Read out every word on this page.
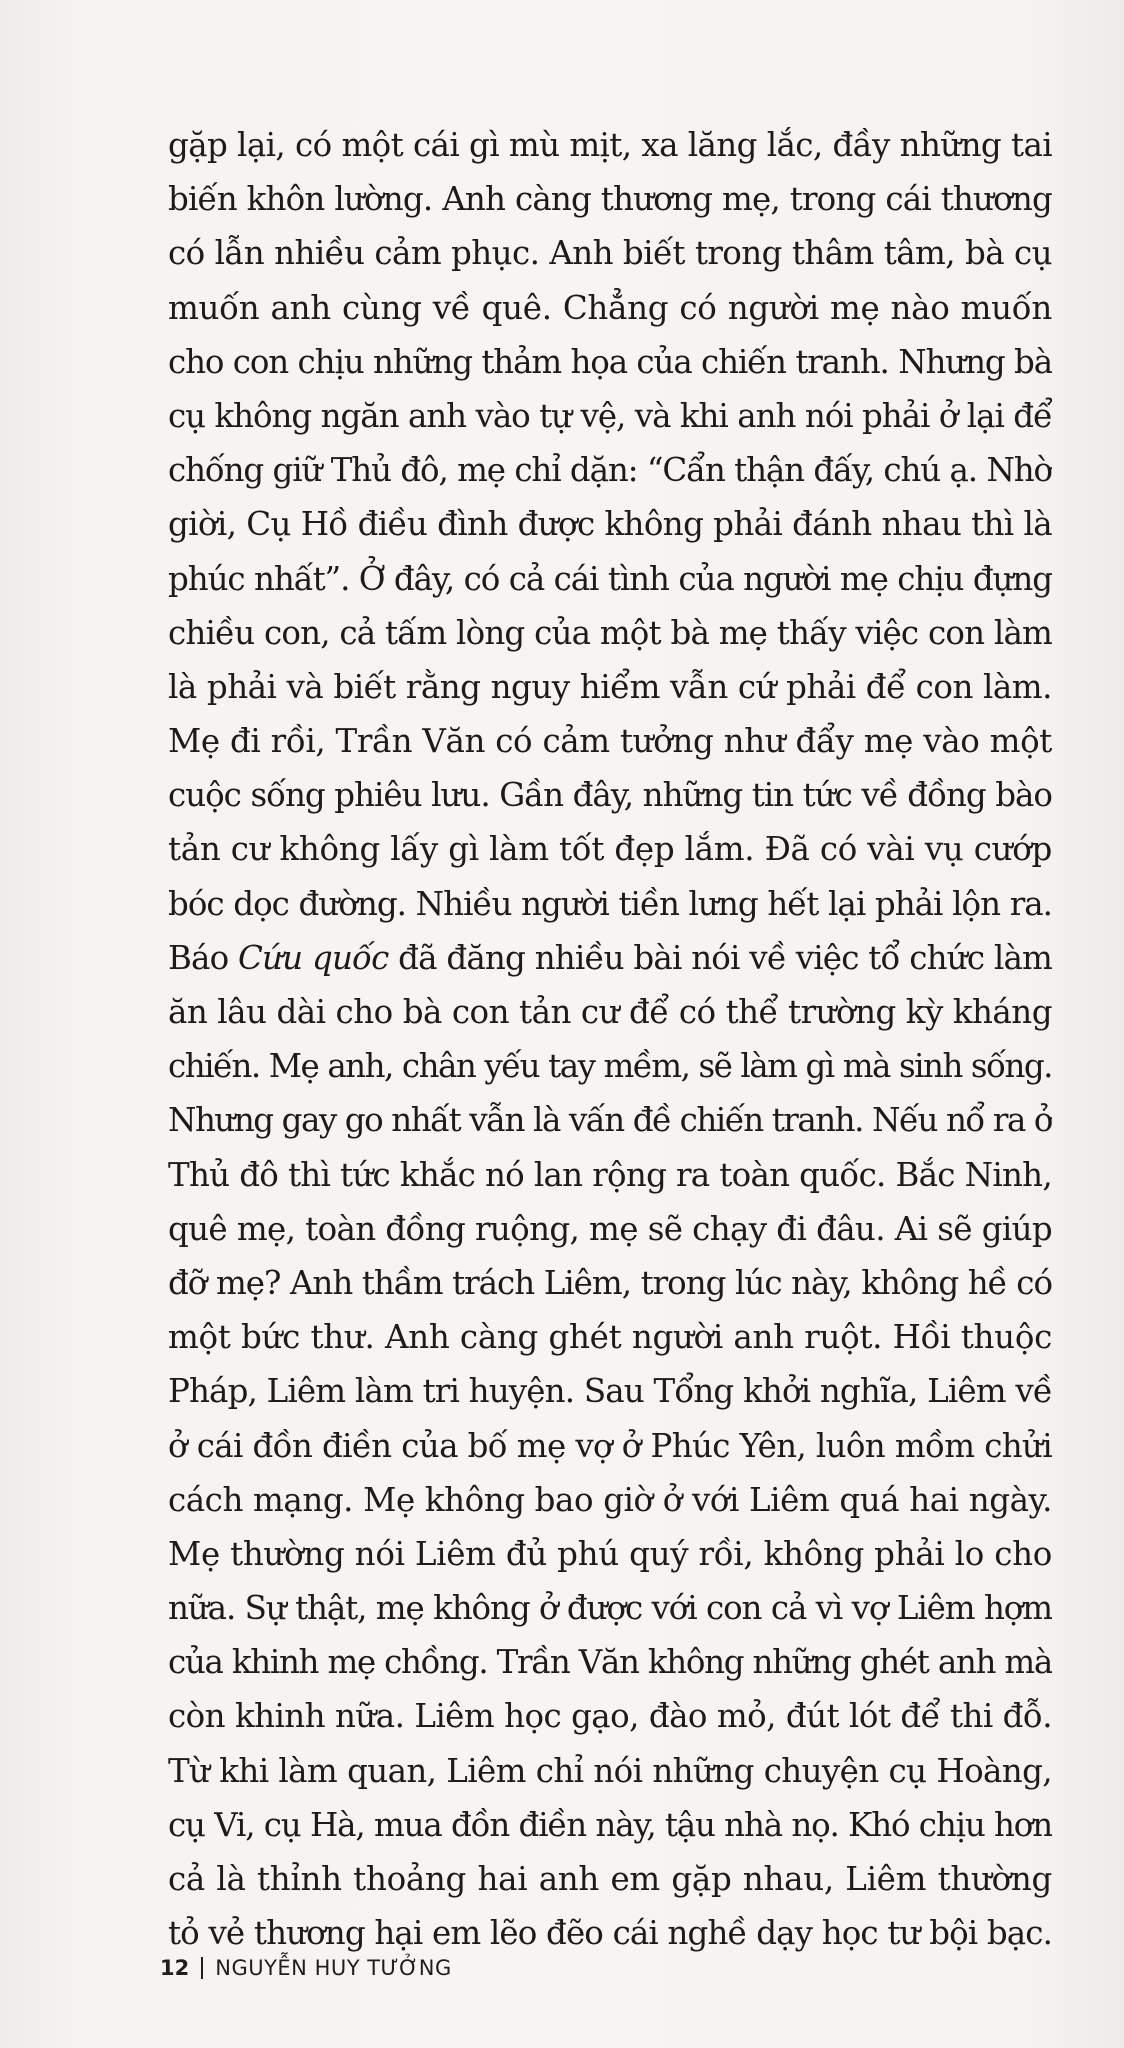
gặp lại, có một cái gì mù mịt, xa lăng lắc, đầy những tai
biến khôn lường. Anh càng thương mẹ, trong cái thương
có lẫn nhiều cảm phục. Anh biết trong thâm tâm, bà cụ
muốn anh cùng về quê. Chẳng có người mẹ nào muốn
cho con chịu những thảm họa của chiến tranh. Nhưng bà
cụ không ngăn anh vào tự vệ, và khi anh nói phải ở lại để
chống giữ Thủ đô, mẹ chỉ dặn: “Cẩn thận đấy, chú ạ. Nhờ
giời, Cụ Hồ điều đình được không phải đánh nhau thì là
phúc nhất”. Ở đây, có cả cái tình của người mẹ chịu đựng
chiều con, cả tấm lòng của một bà mẹ thấy việc con làm
là phải và biết rằng nguy hiểm vẫn cứ phải để con làm.
Mẹ đi rồi, Trần Văn có cảm tưởng như đẩy mẹ vào một
cuộc sống phiêu lưu. Gần đây, những tin tức về đồng bào
tản cư không lấy gì làm tốt đẹp lắm. Đã có vài vụ cướp
bóc dọc đường. Nhiều người tiền lưng hết lại phải lộn ra.
Báo Cứu quốc đã đăng nhiều bài nói về việc tổ chức làm
ăn lâu dài cho bà con tản cư để có thể trường kỳ kháng
chiến. Mẹ anh, chân yếu tay mềm, sẽ làm gì mà sinh sống.
Nhưng gay go nhất vẫn là vấn đề chiến tranh. Nếu nổ ra ở
Thủ đô thì tức khắc nó lan rộng ra toàn quốc. Bắc Ninh,
quê mẹ, toàn đồng ruộng, mẹ sẽ chạy đi đâu. Ai sẽ giúp
đỡ mẹ? Anh thầm trách Liêm, trong lúc này, không hề có
một bức thư. Anh càng ghét người anh ruột. Hồi thuộc
Pháp, Liêm làm tri huyện. Sau Tổng khởi nghĩa, Liêm về
ở cái đồn điền của bố mẹ vợ ở Phúc Yên, luôn mồm chửi
cách mạng. Mẹ không bao giờ ở với Liêm quá hai ngày.
Mẹ thường nói Liêm đủ phú quý rồi, không phải lo cho
nữa. Sự thật, mẹ không ở được với con cả vì vợ Liêm hợm
của khinh mẹ chồng. Trần Văn không những ghét anh mà
còn khinh nữa. Liêm học gạo, đào mỏ, đút lót để thi đỗ.
Từ khi làm quan, Liêm chỉ nói những chuyện cụ Hoàng,
cụ Vi, cụ Hà, mua đồn điền này, tậu nhà nọ. Khó chịu hơn
cả là thỉnh thoảng hai anh em gặp nhau, Liêm thường
tỏ vẻ thương hại em lẽo đẽo cái nghề dạy học tư bội bạc.
12 NGUYỄN HUY TƯỞNG
